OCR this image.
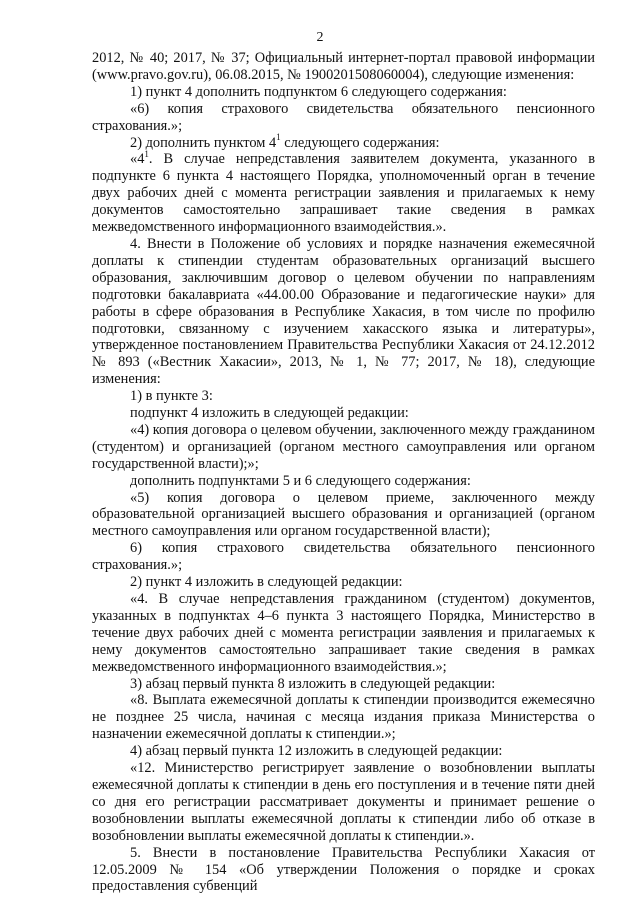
2

2012, № 40; 2017, № 37; Официальный интернет-портал правовой информации (www.pravo.gov.ru), 06.08.2015, № 1900201508060004), следующие изменения:

1) пункт 4 дополнить подпунктом 6 следующего содержания:

«6) копия страхового свидетельства обязательного пенсионного страхования.»;

2) дополнить пунктом $4^1$ следующего содержания:

«$4^1$. В случае непредставления заявителем документа, указанного в подпункте 6 пункта 4 настоящего Порядка, уполномоченный орган в течение двух рабочих дней с момента регистрации заявления и прилагаемых к нему документов самостоятельно запрашивает такие сведения в рамках межведомственного информационного взаимодействия.».

4. Внести в Положение об условиях и порядке назначения ежемесячной доплаты к стипендии студентам образовательных организаций высшего образования, заключившим договор о целевом обучении по направлениям подготовки бакалавриата «44.00.00 Образование и педагогические науки» для работы в сфере образования в Республике Хакасия, в том числе по профилю подготовки, связанному с изучением хакасского языка и литературы», утвержденное постановлением Правительства Республики Хакасия от 24.12.2012 № 893 («Вестник Хакасии», 2013, № 1, № 77; 2017, № 18), следующие изменения:

1) в пункте 3:

подпункт 4 изложить в следующей редакции:

«4) копия договора о целевом обучении, заключенного между гражданином (студентом) и организацией (органом местного самоуправления или органом государственной власти);»;

дополнить подпунктами 5 и 6 следующего содержания:

«5) копия договора о целевом приеме, заключенного между образовательной организацией высшего образования и организацией (органом местного самоуправления или органом государственной власти);

6) копия страхового свидетельства обязательного пенсионного страхования.»;

2) пункт 4 изложить в следующей редакции:

«4. В случае непредставления гражданином (студентом) документов, указанных в подпунктах 4–6 пункта 3 настоящего Порядка, Министерство в течение двух рабочих дней с момента регистрации заявления и прилагаемых к нему документов самостоятельно запрашивает такие сведения в рамках межведомственного информационного взаимодействия.»;

3) абзац первый пункта 8 изложить в следующей редакции:

«8. Выплата ежемесячной доплаты к стипендии производится ежемесячно не позднее 25 числа, начиная с месяца издания приказа Министерства о назначении ежемесячной доплаты к стипендии.»;

4) абзац первый пункта 12 изложить в следующей редакции:

«12. Министерство регистрирует заявление о возобновлении выплаты ежемесячной доплаты к стипендии в день его поступления и в течение пяти дней со дня его регистрации рассматривает документы и принимает решение о возобновлении выплаты ежемесячной доплаты к стипендии либо об отказе в возобновлении выплаты ежемесячной доплаты к стипендии.».

5. Внести в постановление Правительства Республики Хакасия от 12.05.2009 № 154 «Об утверждении Положения о порядке и сроках предоставления субвенций
